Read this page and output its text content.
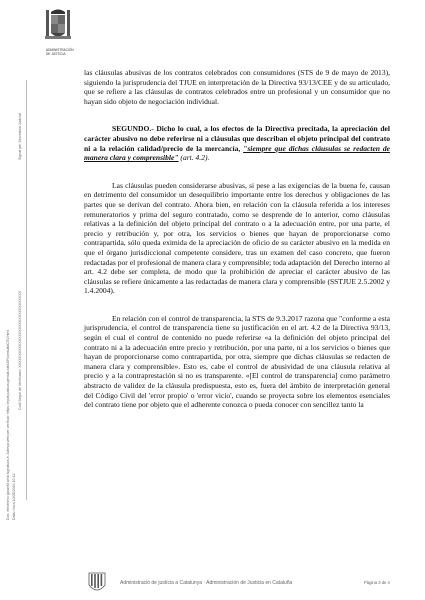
ADMINISTRACIÓN
DE JUSTICIA
Doc. electrònic garantit amb signatura-e. Adreça web per verificar: https://ejcat.justicia.gencat.cat/IAP/consultaCSV.html Data i hora 10/05/2024 10:12
Codi Segur de Verificació: XXXXXXXXXXXXXXXXXXXXXXXXXXXXXXXX
Signat per Secretaria Judicial

las cláusulas abusivas de los contratos celebrados con consumidores (STS de 9 de mayo de 2013), siguiendo la jurisprudencia del TJUE en interpretación de la Directiva 93/13/CEE y de su articulado, que se refiere a las cláusulas de contratos celebrados entre un profesional y un consumidor que no hayan sido objeto de negociación individual.

SEGUNDO.- Dicho lo cual, a los efectos de la Directiva precitada, la apreciación del carácter abusivo no debe referirse ni a cláusulas que describan el objeto principal del contrato ni a la relación calidad/precio de la mercancía, "siempre que dichas cláusulas se redacten de manera clara y comprensible" (art. 4.2).

Las cláusulas pueden considerarse abusivas, si pese a las exigencias de la buena fe, causan en detrimento del consumidor un desequilibrio importante entre los derechos y obligaciones de las partes que se derivan del contrato. Ahora bien, en relación con la cláusula referida a los intereses remuneratorios y prima del seguro contratado, como se desprende de lo anterior, como cláusulas relativas a la definición del objeto principal del contrato o a la adecuación entre, por una parte, el precio y retribución y, por otra, los servicios o bienes que hayan de proporcionarse como contrapartida, sólo queda eximida de la apreciación de oficio de su carácter abusivo en la medida en que el órgano jurisdiccional competente considere, tras un examen del caso concreto, que fueron redactadas por el profesional de manera clara y comprensible; toda adaptación del Derecho interno al art. 4.2 debe ser completa, de modo que la prohibición de apreciar el carácter abusivo de las cláusulas se refiere únicamente a las redactadas de manera clara y comprensible (SSTJUE 2.5.2002 y 1.4.2004).

En relación con el control de transparencia, la STS de 9.3.2017 razona que "conforme a esta jurisprudencia, el control de transparencia tiene su justificación en el art. 4.2 de la Directiva 93/13, según el cual el control de contenido no puede referirse «a la definición del objeto principal del contrato ni a la adecuación entre precio y retribución, por una parte, ni a los servicios o bienes que hayan de proporcionarse como contrapartida, por otra, siempre que dichas cláusulas se redacten de manera clara y comprensible». Esto es, cabe el control de abusividad de una cláusula relativa al precio y a la contraprestación si no es transparente. «[El control de transparencia] como parámetro abstracto de validez de la cláusula predispuesta, esto es, fuera del ámbito de interpretación general del Código Civil del 'error propio' o 'error vicio', cuando se proyecta sobre los elementos esenciales del contrato tiene por objeto que el adherente conozca o pueda conocer con sencillez tanto la

Administració de justícia a Catalunya · Administración de Justicia en Cataluña	Pàgina 3 de 4
